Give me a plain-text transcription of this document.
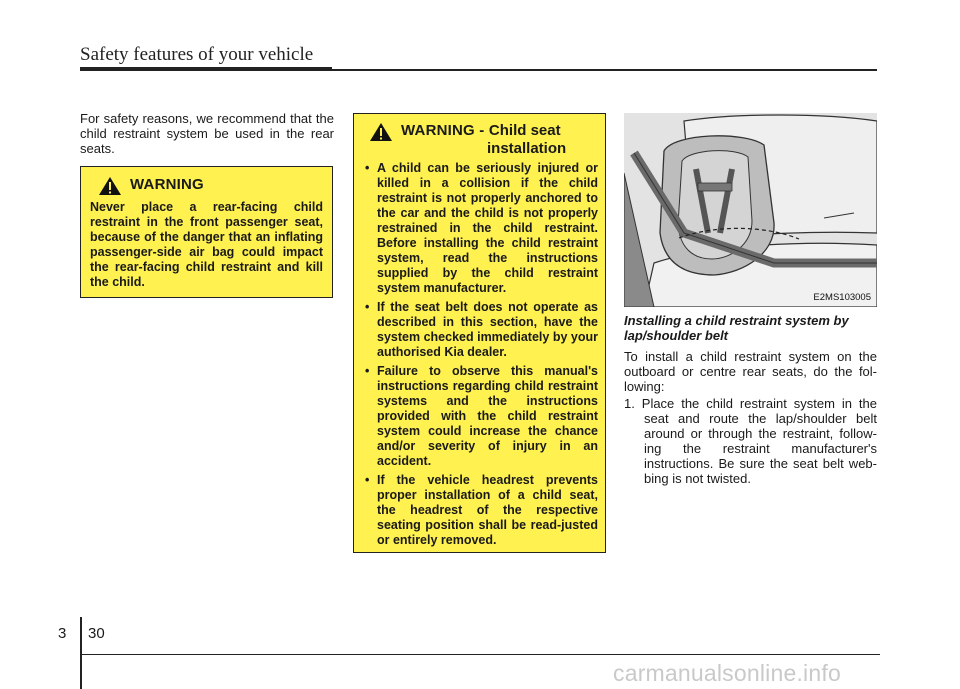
Safety features of your vehicle
For safety reasons, we recommend that the child restraint system be used in the rear seats.
WARNING
Never place a rear-facing child restraint in the front passenger seat, because of the danger that an inflating passenger-side air bag could impact the rear-facing child restraint and kill the child.
WARNING - Child seat
installation
• A child can be seriously injured or killed in a collision if the child restraint is not properly anchored to the car and the child is not properly restrained in the child restraint. Before installing the child restraint system, read the instructions supplied by the child restraint system manufacturer.
• If the seat belt does not operate as described in this section, have the system checked immediately by your authorised Kia dealer.
• Failure to observe this manual's instructions regarding child restraint systems and the instructions provided with the child restraint system could increase the chance and/or severity of injury in an accident.
• If the vehicle headrest prevents proper installation of a child seat, the headrest of the respective seating position shall be read-justed or entirely removed.
E2MS103005
Installing a child restraint system by lap/shoulder belt
To install a child restraint system on the outboard or centre rear seats, do the fol-lowing:
1. Place the child restraint system in the seat and route the lap/shoulder belt around or through the restraint, follow-ing the restraint manufacturer's instructions. Be sure the seat belt web-bing is not twisted.
3 30
carmanualsonline.info
